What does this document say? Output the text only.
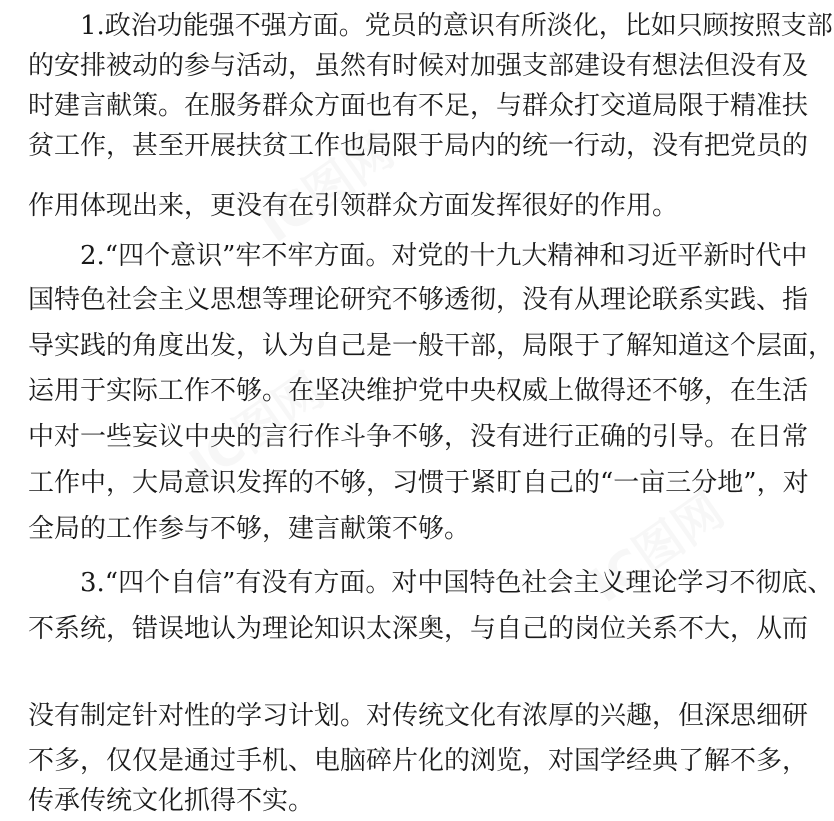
1.政治功能强不强方面。党员的意识有所淡化，比如只顾按照支部
的安排被动的参与活动，虽然有时候对加强支部建设有想法但没有及
时建言献策。在服务群众方面也有不足，与群众打交道局限于精准扶
贫工作，甚至开展扶贫工作也局限于局内的统一行动，没有把党员的
作用体现出来，更没有在引领群众方面发挥很好的作用。
2.“四个意识”牢不牢方面。对党的十九大精神和习近平新时代中
国特色社会主义思想等理论研究不够透彻，没有从理论联系实践、指
导实践的角度出发，认为自己是一般干部，局限于了解知道这个层面，
运用于实际工作不够。在坚决维护党中央权威上做得还不够，在生活
中对一些妄议中央的言行作斗争不够，没有进行正确的引导。在日常
工作中，大局意识发挥的不够，习惯于紧盯自己的“一亩三分地”，对
全局的工作参与不够，建言献策不够。
3.“四个自信”有没有方面。对中国特色社会主义理论学习不彻底、
不系统，错误地认为理论知识太深奥，与自己的岗位关系不大，从而
没有制定针对性的学习计划。对传统文化有浓厚的兴趣，但深思细研
不多，仅仅是通过手机、电脑碎片化的浏览，对国学经典了解不多，
传承传统文化抓得不实。
IC图网
IC图网
IC图网
